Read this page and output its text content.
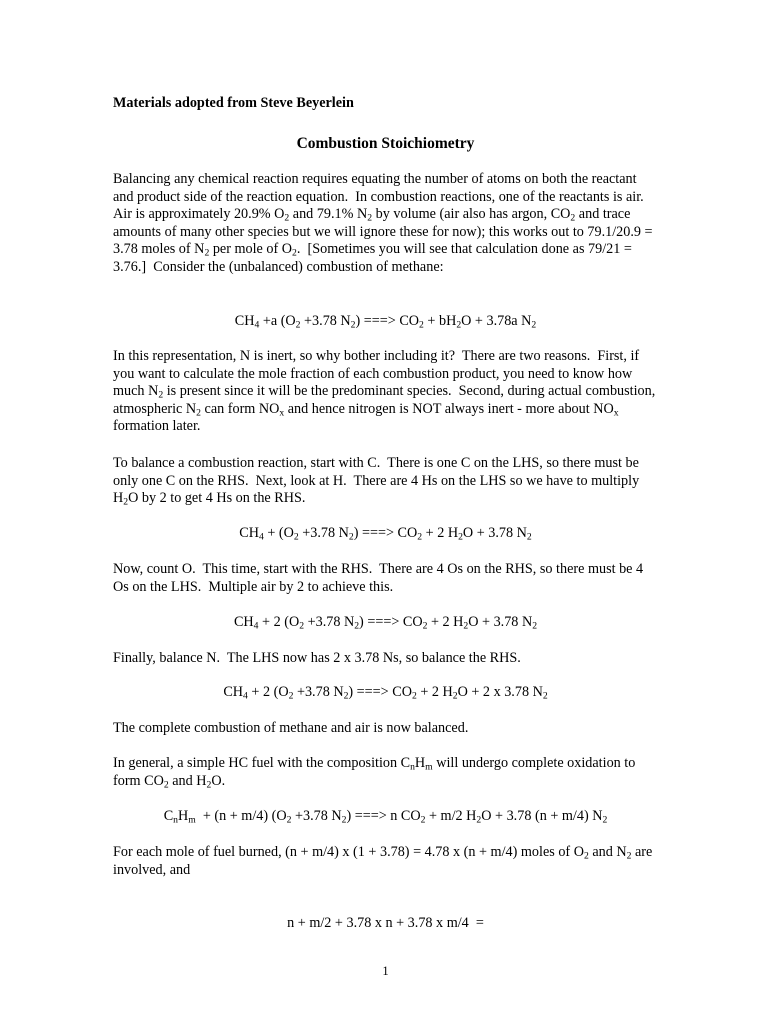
Materials adopted from Steve Beyerlein
Combustion Stoichiometry

Balancing any chemical reaction requires equating the number of atoms on both the reactant and product side of the reaction equation.  In combustion reactions, one of the reactants is air.  Air is approximately 20.9% $O_2$ and 79.1% $N_2$ by volume (air also has argon, $CO_2$ and trace amounts of many other species but we will ignore these for now); this works out to 79.1/20.9 = 3.78 moles of $N_2$ per mole of $O_2$.  [Sometimes you will see that calculation done as 79/21 = 3.76.]  Consider the (unbalanced) combustion of methane:

$CH_4 +a$ ($O_2 +3.78$ $N_2$) ===> $CO_2 + bH_2O + 3.78a$ $N_2$

In this representation, N is inert, so why bother including it?  There are two reasons.  First, if you want to calculate the mole fraction of each combustion product, you need to know how much $N_2$ is present since it will be the predominant species.  Second, during actual combustion, atmospheric $N_2$ can form $NO_x$ and hence nitrogen is NOT always inert - more about $NO_x$ formation later.

To balance a combustion reaction, start with C.  There is one C on the LHS, so there must be only one C on the RHS.  Next, look at H.  There are 4 Hs on the LHS so we have to multiply $H_2O$ by 2 to get 4 Hs on the RHS.

$CH_4 + (O_2 +3.78$ $N_2$) ===> $CO_2 + 2$ $H_2O + 3.78$ $N_2$

Now, count O.  This time, start with the RHS.  There are 4 Os on the RHS, so there must be 4 Os on the LHS.  Multiple air by 2 to achieve this.

$CH_4 + 2$ ($O_2 +3.78$ $N_2$) ===> $CO_2 + 2$ $H_2O + 3.78$ $N_2$

Finally, balance N.  The LHS now has 2 x 3.78 Ns, so balance the RHS.

$CH_4 + 2$ ($O_2 +3.78$ $N_2$) ===> $CO_2 + 2$ $H_2O + 2$ x 3.78 $N_2$

The complete combustion of methane and air is now balanced.

In general, a simple HC fuel with the composition $C_nH_m$ will undergo complete oxidation to form $CO_2$ and $H_2O$.

$C_nH_m + (n + m/4)$ ($O_2 +3.78$ $N_2$) ===> n $CO_2 + m/2$ $H_2O + 3.78$ (n + m/4) $N_2$

For each mole of fuel burned, (n + m/4) x (1 + 3.78) = 4.78 x (n + m/4) moles of $O_2$ and $N_2$ are involved, and

n + m/2 + 3.78 x n + 3.78 x m/4  =
1
